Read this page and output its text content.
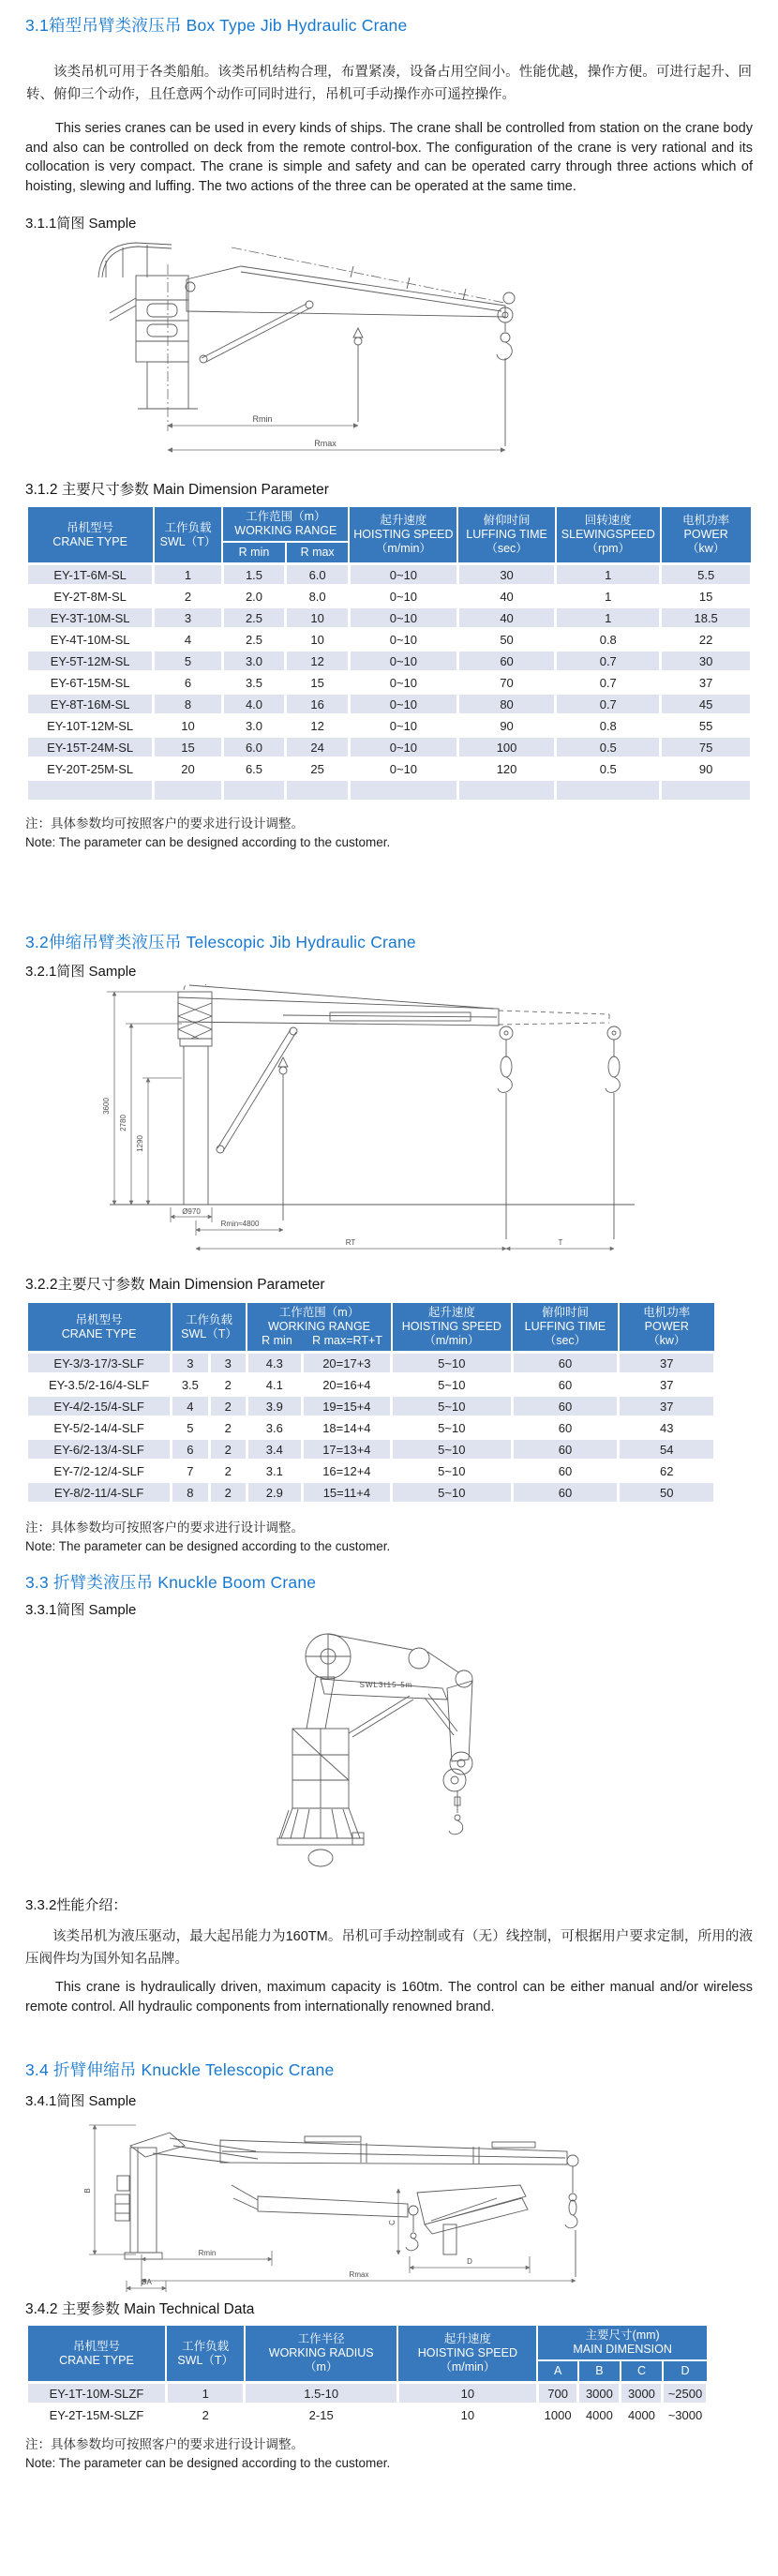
3.1箱型吊臂类液压吊 Box Type Jib Hydraulic Crane

该类吊机可用于各类船舶。该类吊机结构合理，布置紧凑，设备占用空间小。性能优越，操作方便。可进行起升、回转、俯仰三个动作，且任意两个动作可同时进行，吊机可手动操作亦可遥控操作。

This series cranes can be used in every kinds of ships. The crane shall be controlled from station on the crane body and also can be controlled on deck from the remote control-box. The configuration of the crane is very rational and its collocation is very compact. The crane is simple and safety and can be operated carry through three actions which of hoisting, slewing and luffing. The two actions of the three can be operated at the same time.

3.1.1简图 Sample
Rmin
Rmax
3.1.2 主要尺寸参数 Main Dimension Parameter
吊机型号
CRANE TYPE

工作负载
SWL（T）

工作范围（m）
WORKING RANGE

起升速度
HOISTING SPEED
（m/min）

俯仰时间
LUFFING TIME
（sec）

回转速度
SLEWINGSPEED
（rpm）

电机功率
POWER
（kw）

		R min	R max				
EY-1T-6M-SL	1	1.5	6.0	0~10	30	1	5.5
EY-2T-8M-SL	2	2.0	8.0	0~10	40	1	15
EY-3T-10M-SL	3	2.5	10	0~10	40	1	18.5
EY-4T-10M-SL	4	2.5	10	0~10	50	0.8	22
EY-5T-12M-SL	5	3.0	12	0~10	60	0.7	30
EY-6T-15M-SL	6	3.5	15	0~10	70	0.7	37
EY-8T-16M-SL	8	4.0	16	0~10	80	0.7	45
EY-10T-12M-SL	10	3.0	12	0~10	90	0.8	55
EY-15T-24M-SL	15	6.0	24	0~10	100	0.5	75
EY-20T-25M-SL	20	6.5	25	0~10	120	0.5	90

注：具体参数均可按照客户的要求进行设计调整。

Note: The parameter can be designed according to the customer.

3.2伸缩吊臂类液压吊 Telescopic Jib Hydraulic Crane
3.2.1简图 Sample
3600
2780
1290
Ø970
Rmin≈4800
RT	T
3.2.2主要尺寸参数 Main Dimension Parameter
吊机型号
CRANE TYPE

工作负载
SWL（T）

工作范围（m）
WORKING RANGE
R min	R max=RT+T

起升速度
HOISTING SPEED
（m/min）

俯仰时间
LUFFING TIME
（sec）

电机功率
POWER
（kw）

EY-3/3-17/3-SLF	3	3	4.3	20=17+3	5~10	60	37
EY-3.5/2-16/4-SLF	3.5	2	4.1	20=16+4	5~10	60	37
EY-4/2-15/4-SLF	4	2	3.9	19=15+4	5~10	60	37
EY-5/2-14/4-SLF	5	2	3.6	18=14+4	5~10	60	43
EY-6/2-13/4-SLF	6	2	3.4	17=13+4	5~10	60	54
EY-7/2-12/4-SLF	7	2	3.1	16=12+4	5~10	60	62
EY-8/2-11/4-SLF	8	2	2.9	15=11+4	5~10	60	50

注：具体参数均可按照客户的要求进行设计调整。

Note: The parameter can be designed according to the customer.

3.3 折臂类液压吊 Knuckle Boom Crane
3.3.1简图 Sample
SWL3t15-5m
3.3.2性能介绍：

该类吊机为液压驱动，最大起吊能力为160TM。吊机可手动控制或有（无）线控制，可根据用户要求定制，所用的液压阀件均为国外知名品牌。

This crane is hydraulically driven, maximum capacity is 160tm. The control can be either manual and/or wireless remote control. All hydraulic components from internationally renowned brand.

3.4 折臂伸缩吊 Knuckle Telescopic Crane
3.4.1简图 Sample
B
C
D
Rmin
Rmax
ØA
3.4.2 主要参数 Main Technical Data
吊机型号
CRANE TYPE

工作负载
SWL（T）

工作半径
WORKING RADIUS
（m）

起升速度
HOISTING SPEED
（m/min）

主要尺寸(mm)
MAIN DIMENSION

				A	B	C	D
EY-1T-10M-SLZF	1	1.5-10	10	700	3000	3000	~2500
EY-2T-15M-SLZF	2	2-15	10	1000	4000	4000	~3000

注：具体参数均可按照客户的要求进行设计调整。

Note: The parameter can be designed according to the customer.
